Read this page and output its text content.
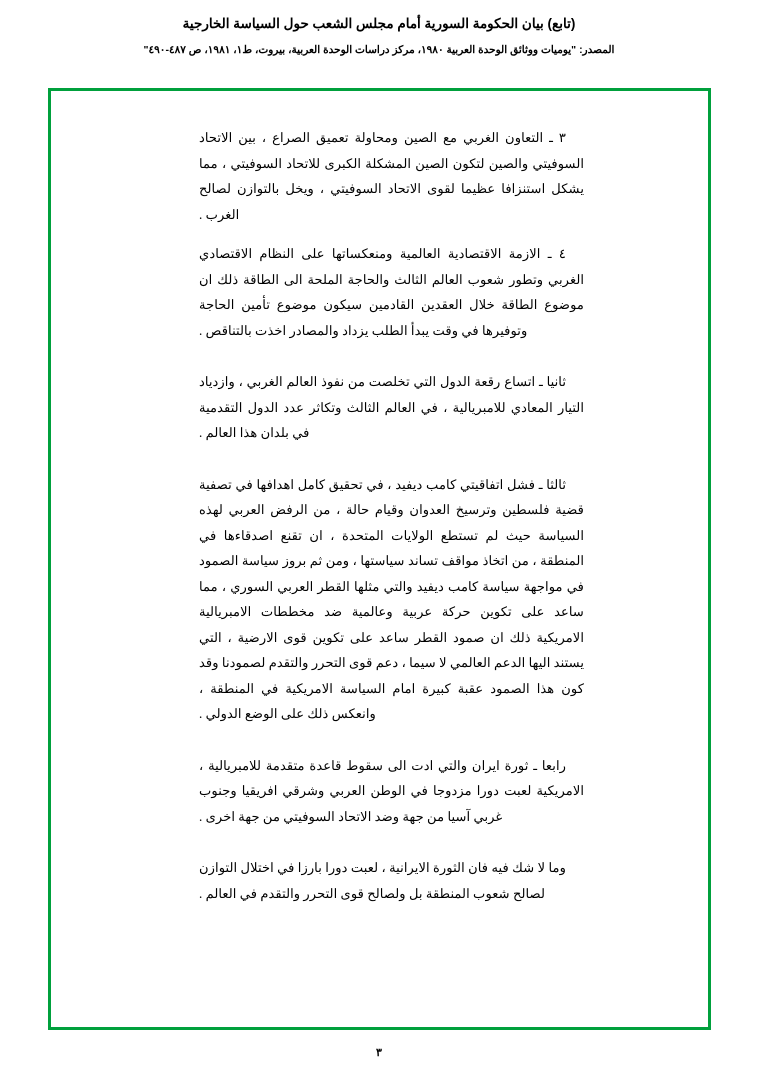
(تابع) بيان الحكومة السورية أمام مجلس الشعب حول السياسة الخارجية
المصدر: "يوميات ووثائق الوحدة العربية ١٩٨٠، مركز دراسات الوحدة العربية، بيروت، ط١، ١٩٨١، ص ٤٨٧-٤٩٠"

٣ ـ التعاون الغربي مع الصين ومحاولة تعميق الصراع ، بين الاتحاد السوفيتي والصين لتكون الصين المشكلة الكبرى للاتحاد السوفيتي ، مما يشكل استنزافا عظيما لقوى الاتحاد السوفيتي ، ويخل بالتوازن لصالح الغرب .

٤ ـ الازمة الاقتصادية العالمية ومنعكساتها على النظام الاقتصادي الغربي وتطور شعوب العالم الثالث والحاجة الملحة الى الطاقة ذلك ان موضوع الطاقة خلال العقدين القادمين سيكون موضوع تأمين الحاجة وتوفيرها في وقت يبدأ الطلب يزداد والمصادر اخذت بالتناقص .

ثانيا ـ اتساع رقعة الدول التي تخلصت من نفوذ العالم الغربي ، وازدياد التيار المعادي للامبريالية ، في العالم الثالث وتكاثر عدد الدول التقدمية في بلدان هذا العالم .

ثالثا ـ فشل اتفاقيتي كامب ديفيد ، في تحقيق كامل اهدافها في تصفية قضية فلسطين وترسيخ العدوان وقيام حالة ، من الرفض العربي لهذه السياسة حيث لم تستطع الولايات المتحدة ، ان تقنع اصدقاءها في المنطقة ، من اتخاذ مواقف تساند سياستها ، ومن ثم بروز سياسة الصمود في مواجهة سياسة كامب ديفيد والتي مثلها القطر العربي السوري ، مما ساعد على تكوين حركة عربية وعالمية ضد مخططات الامبريالية الامريكية ذلك ان صمود القطر ساعد على تكوين قوى الارضية ، التي يستند اليها الدعم العالمي لا سيما ، دعم قوى التحرر والتقدم لصمودنا وقد كون هذا الصمود عقبة كبيرة امام السياسة الامريكية في المنطقة ، وانعكس ذلك على الوضع الدولي .

رابعا ـ ثورة ايران والتي ادت الى سقوط قاعدة متقدمة للامبريالية ، الامريكية لعبت دورا مزدوجا في الوطن العربي وشرقي افريقيا وجنوب غربي آسيا من جهة وضد الاتحاد السوفيتي من جهة اخرى .

وما لا شك فيه فان الثورة الايرانية ، لعبت دورا بارزا في اختلال التوازن لصالح شعوب المنطقة بل ولصالح قوى التحرر والتقدم في العالم .

٣
